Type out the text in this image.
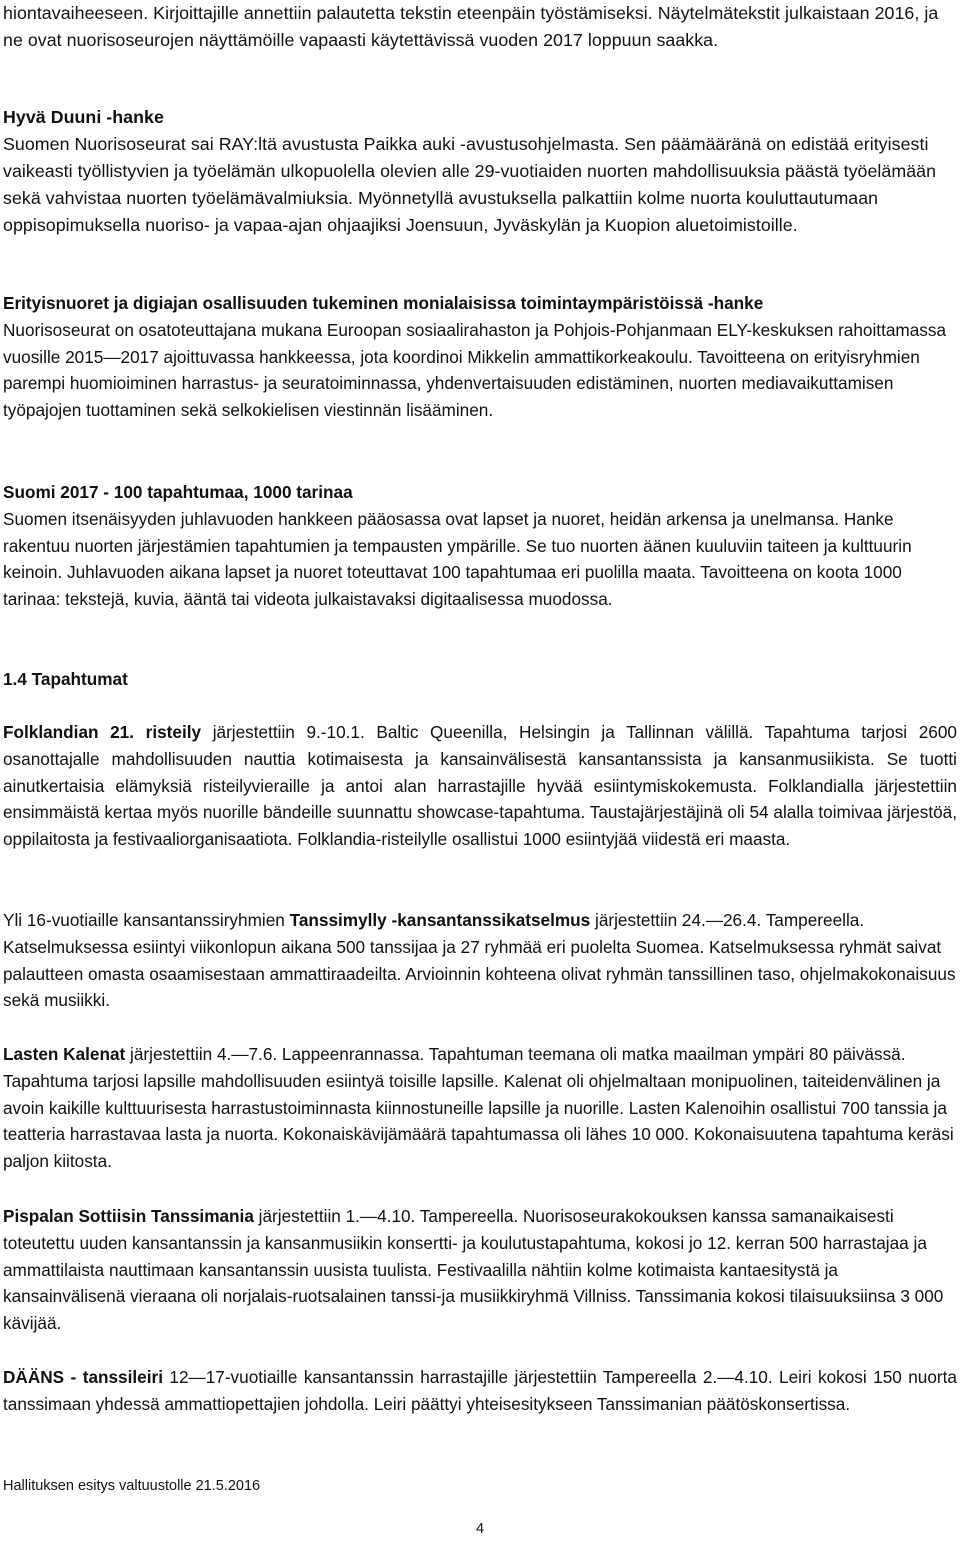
hiontavaiheeseen. Kirjoittajille annettiin palautetta tekstin eteenpäin työstämiseksi. Näytelmätekstit julkaistaan 2016, ja ne ovat nuorisoseurojen näyttämöille vapaasti käytettävissä vuoden 2017 loppuun saakka.

Hyvä Duuni -hanke

Suomen Nuorisoseurat sai RAY:ltä avustusta Paikka auki -avustusohjelmasta. Sen päämääränä on edistää erityisesti vaikeasti työllistyvien ja työelämän ulkopuolella olevien alle 29-vuotiaiden nuorten mahdollisuuksia päästä työelämään sekä vahvistaa nuorten työelämävalmiuksia. Myönnetyllä avustuksella palkattiin kolme nuorta kouluttautumaan oppisopimuksella nuoriso- ja vapaa-ajan ohjaajiksi Joensuun, Jyväskylän ja Kuopion aluetoimistoille.

Erityisnuoret ja digiajan osallisuuden tukeminen monialaisissa toimintaympäristöissä -hanke

Nuorisoseurat on osatoteuttajana mukana Euroopan sosiaalirahaston ja Pohjois-Pohjanmaan ELY-keskuksen rahoittamassa vuosille 2015—2017 ajoittuvassa hankkeessa, jota koordinoi Mikkelin ammattikorkeakoulu. Tavoitteena on erityisryhmien parempi huomioiminen harrastus- ja seuratoiminnassa, yhdenvertaisuuden edistäminen, nuorten mediavaikuttamisen työpajojen tuottaminen sekä selkokielisen viestinnän lisääminen.

Suomi 2017 - 100 tapahtumaa, 1000 tarinaa

Suomen itsenäisyyden juhlavuoden hankkeen pääosassa ovat lapset ja nuoret, heidän arkensa ja unelmansa. Hanke rakentuu nuorten järjestämien tapahtumien ja tempausten ympärille. Se tuo nuorten äänen kuuluviin taiteen ja kulttuurin keinoin. Juhlavuoden aikana lapset ja nuoret toteuttavat 100 tapahtumaa eri puolilla maata. Tavoitteena on koota 1000 tarinaa: tekstejä, kuvia, ääntä tai videota julkaistavaksi digitaalisessa muodossa.

1.4 Tapahtumat

Folklandian 21. risteily järjestettiin 9.-10.1. Baltic Queenilla, Helsingin ja Tallinnan välillä. Tapahtuma tarjosi 2600 osanottajalle mahdollisuuden nauttia kotimaisesta ja kansainvälisestä kansantanssista ja kansanmusiikista. Se tuotti ainutkertaisia elämyksiä risteilyvieraille ja antoi alan harrastajille hyvää esiintymiskokemusta. Folklandialla järjestettiin ensimmäistä kertaa myös nuorille bändeille suunnattu showcase-tapahtuma. Taustajärjestäjinä oli 54 alalla toimivaa järjestöä, oppilaitosta ja festivaaliorganisaatiota. Folklandia-risteilylle osallistui 1000 esiintyjää viidestä eri maasta.

Yli 16-vuotiaille kansantanssiryhmien Tanssimylly -kansantanssikatselmus järjestettiin 24.—26.4. Tampereella. Katselmuksessa esiintyi viikonlopun aikana 500 tanssijaa ja 27 ryhmää eri puolelta Suomea. Katselmuksessa ryhmät saivat palautteen omasta osaamisestaan ammattiraadeilta. Arvioinnin kohteena olivat ryhmän tanssillinen taso, ohjelmakokonaisuus sekä musiikki.

Lasten Kalenat järjestettiin 4.—7.6. Lappeenrannassa. Tapahtuman teemana oli matka maailman ympäri 80 päivässä. Tapahtuma tarjosi lapsille mahdollisuuden esiintyä toisille lapsille. Kalenat oli ohjelmaltaan monipuolinen, taiteidenvälinen ja avoin kaikille kulttuurisesta harrastustoiminnasta kiinnostuneille lapsille ja nuorille. Lasten Kalenoihin osallistui 700 tanssia ja teatteria harrastavaa lasta ja nuorta. Kokonaiskävijämäärä tapahtumassa oli lähes 10 000. Kokonaisuutena tapahtuma keräsi paljon kiitosta.

Pispalan Sottiisin Tanssimania järjestettiin 1.—4.10. Tampereella. Nuorisoseurakokouksen kanssa samanaikaisesti toteutettu uuden kansantanssin ja kansanmusiikin konsertti- ja koulutustapahtuma, kokosi jo 12. kerran 500 harrastajaa ja ammattilaista nauttimaan kansantanssin uusista tuulista. Festivaalilla nähtiin kolme kotimaista kantaesitystä ja kansainvälisenä vieraana oli norjalais-ruotsalainen tanssi-ja musiikkiryhmä Villniss. Tanssimania kokosi tilaisuuksiinsa 3 000 kävijää.

DÄÄNS - tanssileiri 12—17-vuotiaille kansantanssin harrastajille järjestettiin Tampereella 2.—4.10. Leiri kokosi 150 nuorta tanssimaan yhdessä ammattiopettajien johdolla. Leiri päättyi yhteisesitykseen Tanssimanian päätöskonsertissa.

Hallituksen esitys valtuustolle 21.5.2016
4
